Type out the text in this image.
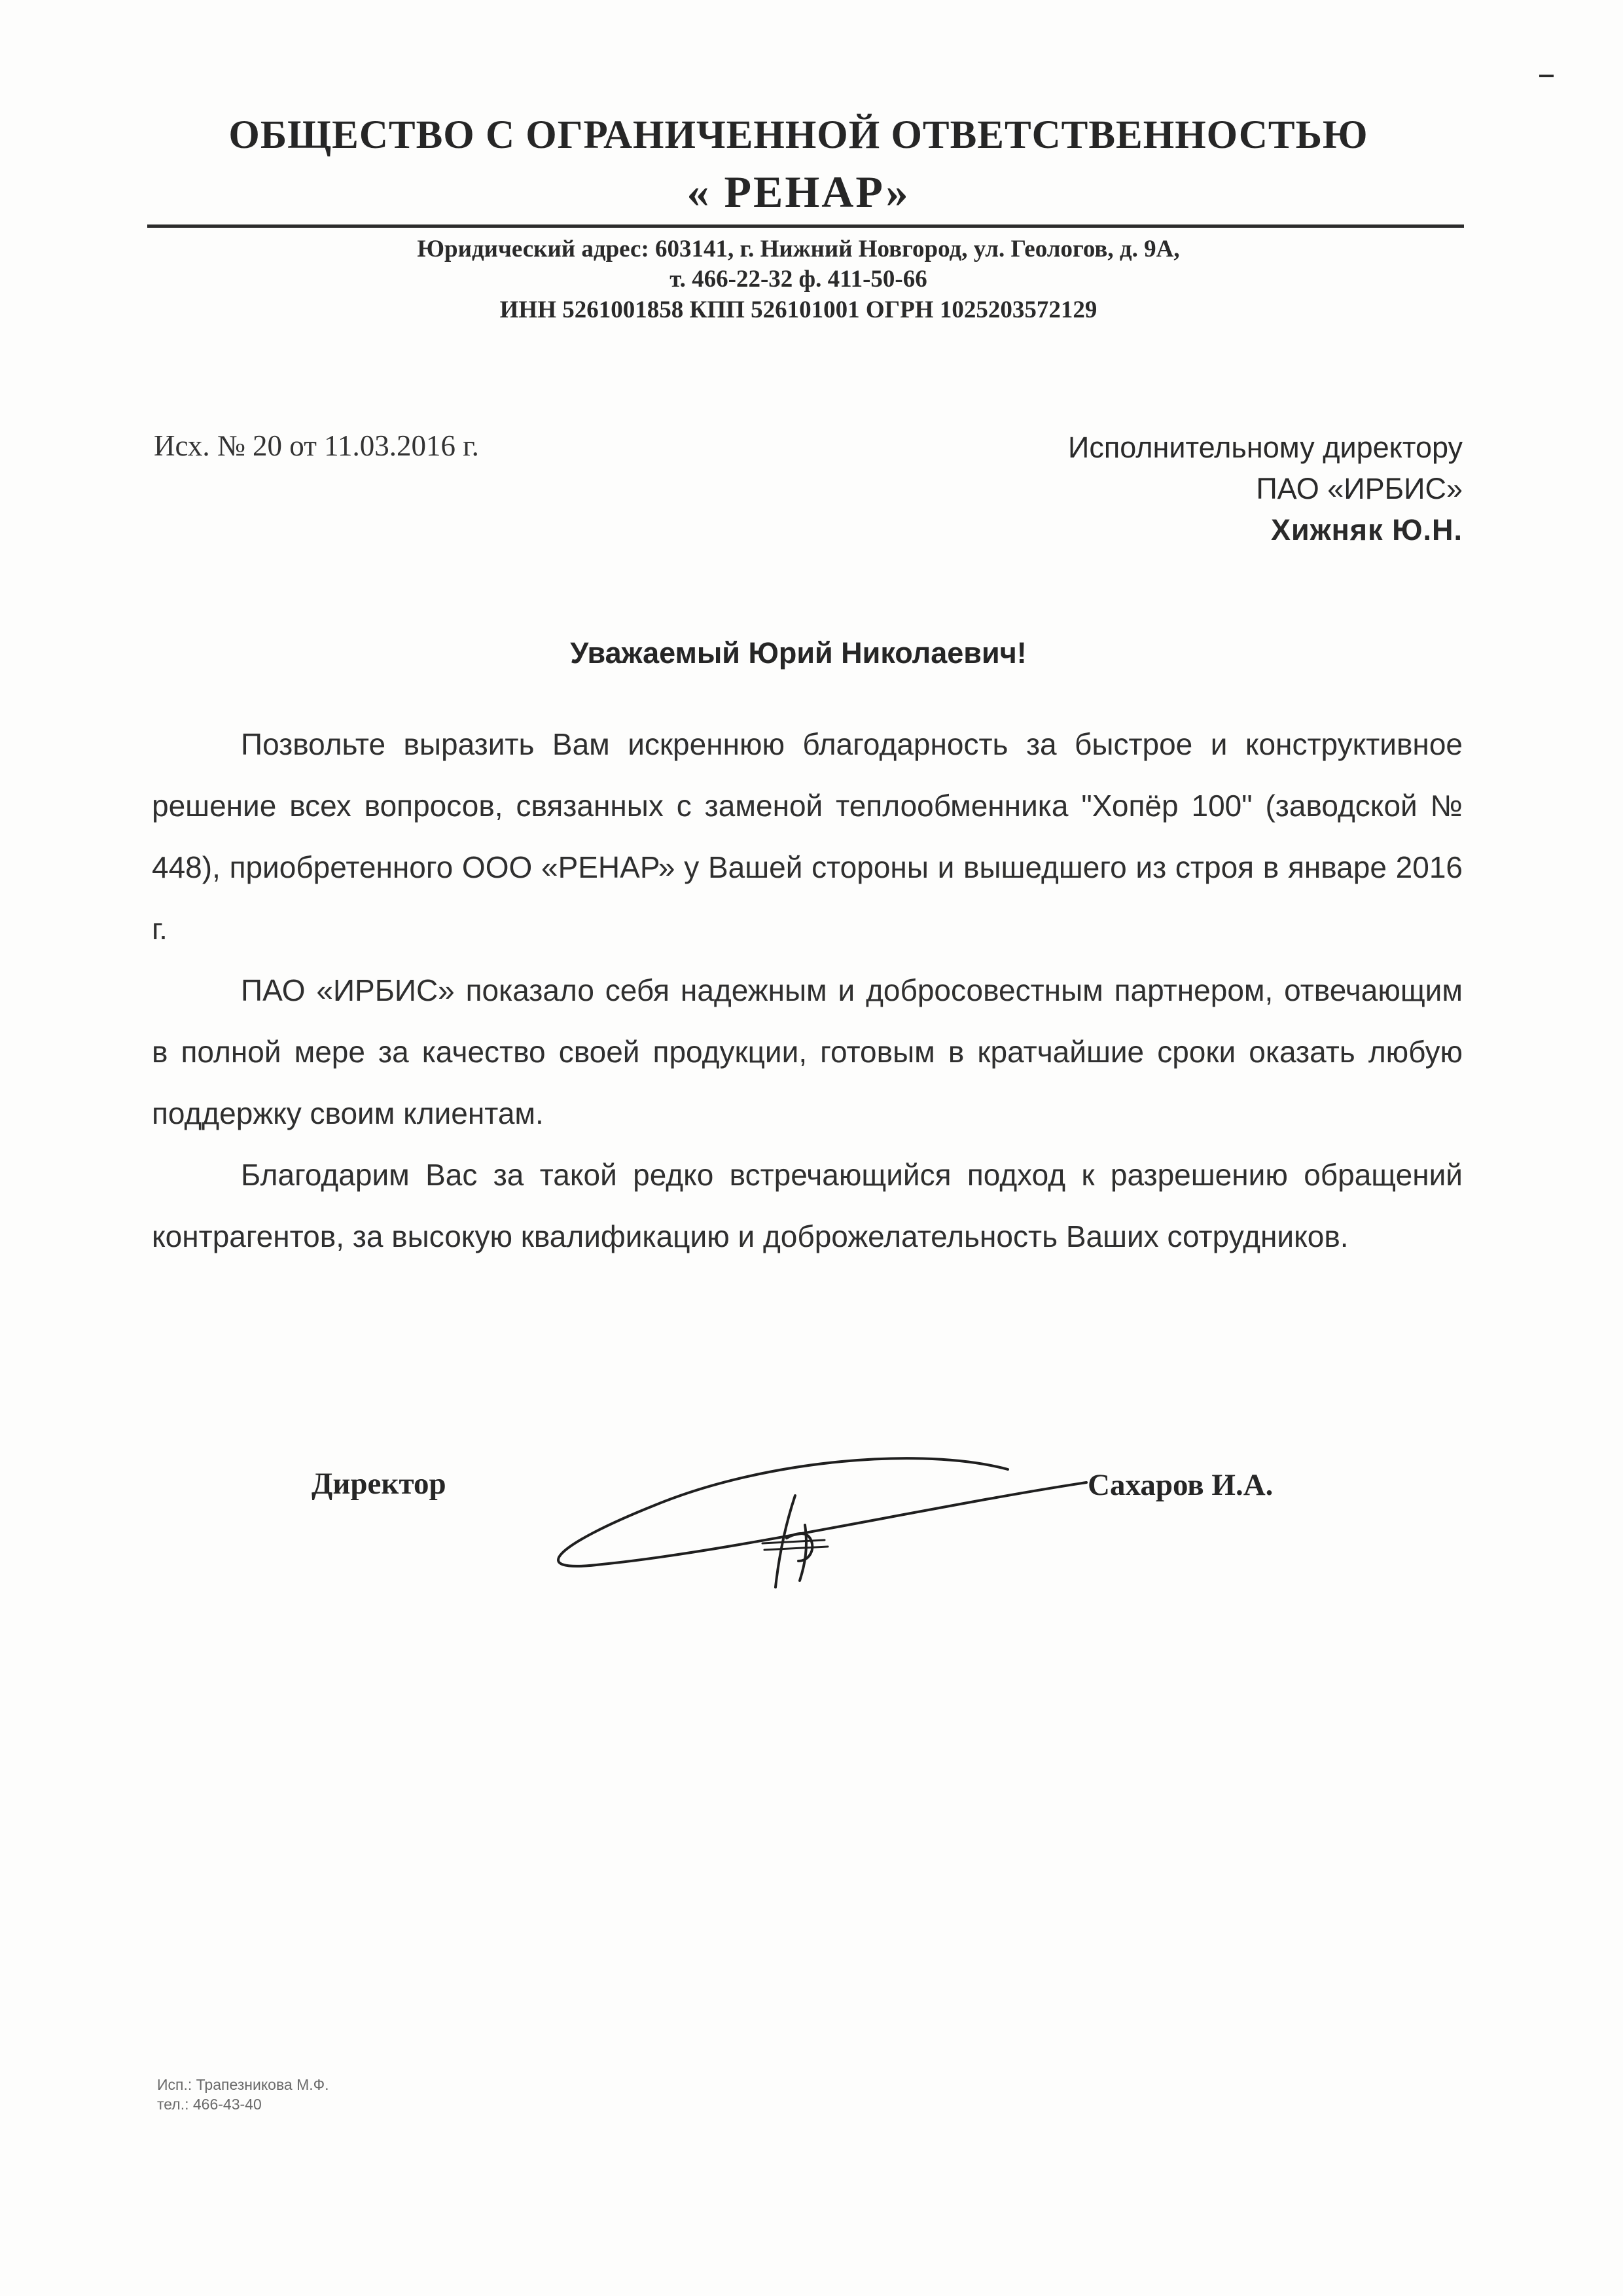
ОБЩЕСТВО С ОГРАНИЧЕННОЙ ОТВЕТСТВЕННОСТЬЮ
« РЕНАР»
Юридический адрес: 603141, г. Нижний Новгород, ул. Геологов, д. 9А,
т. 466-22-32 ф. 411-50-66
ИНН 5261001858 КПП 526101001 ОГРН 1025203572129
Исх. № 20 от 11.03.2016 г.	Исполнительному директору
ПАО «ИРБИС»
Хижняк Ю.Н.
Уважаемый Юрий Николаевич!

Позвольте выразить Вам искреннюю благодарность за быстрое и конструктивное решение всех вопросов, связанных с заменой теплообменника "Хопёр 100" (заводской № 448), приобретенного ООО «РЕНАР» у Вашей стороны и вышедшего из строя в январе 2016 г.

ПАО «ИРБИС» показало себя надежным и добросовестным партнером, отвечающим в полной мере за качество своей продукции, готовым в кратчайшие сроки оказать любую поддержку своим клиентам.

Благодарим Вас за такой редко встречающийся подход к разрешению обращений контрагентов, за высокую квалификацию и доброжелательность Ваших сотрудников.

Директор	Сахаров И.А.
Исп.: Трапезникова М.Ф.
тел.: 466-43-40
